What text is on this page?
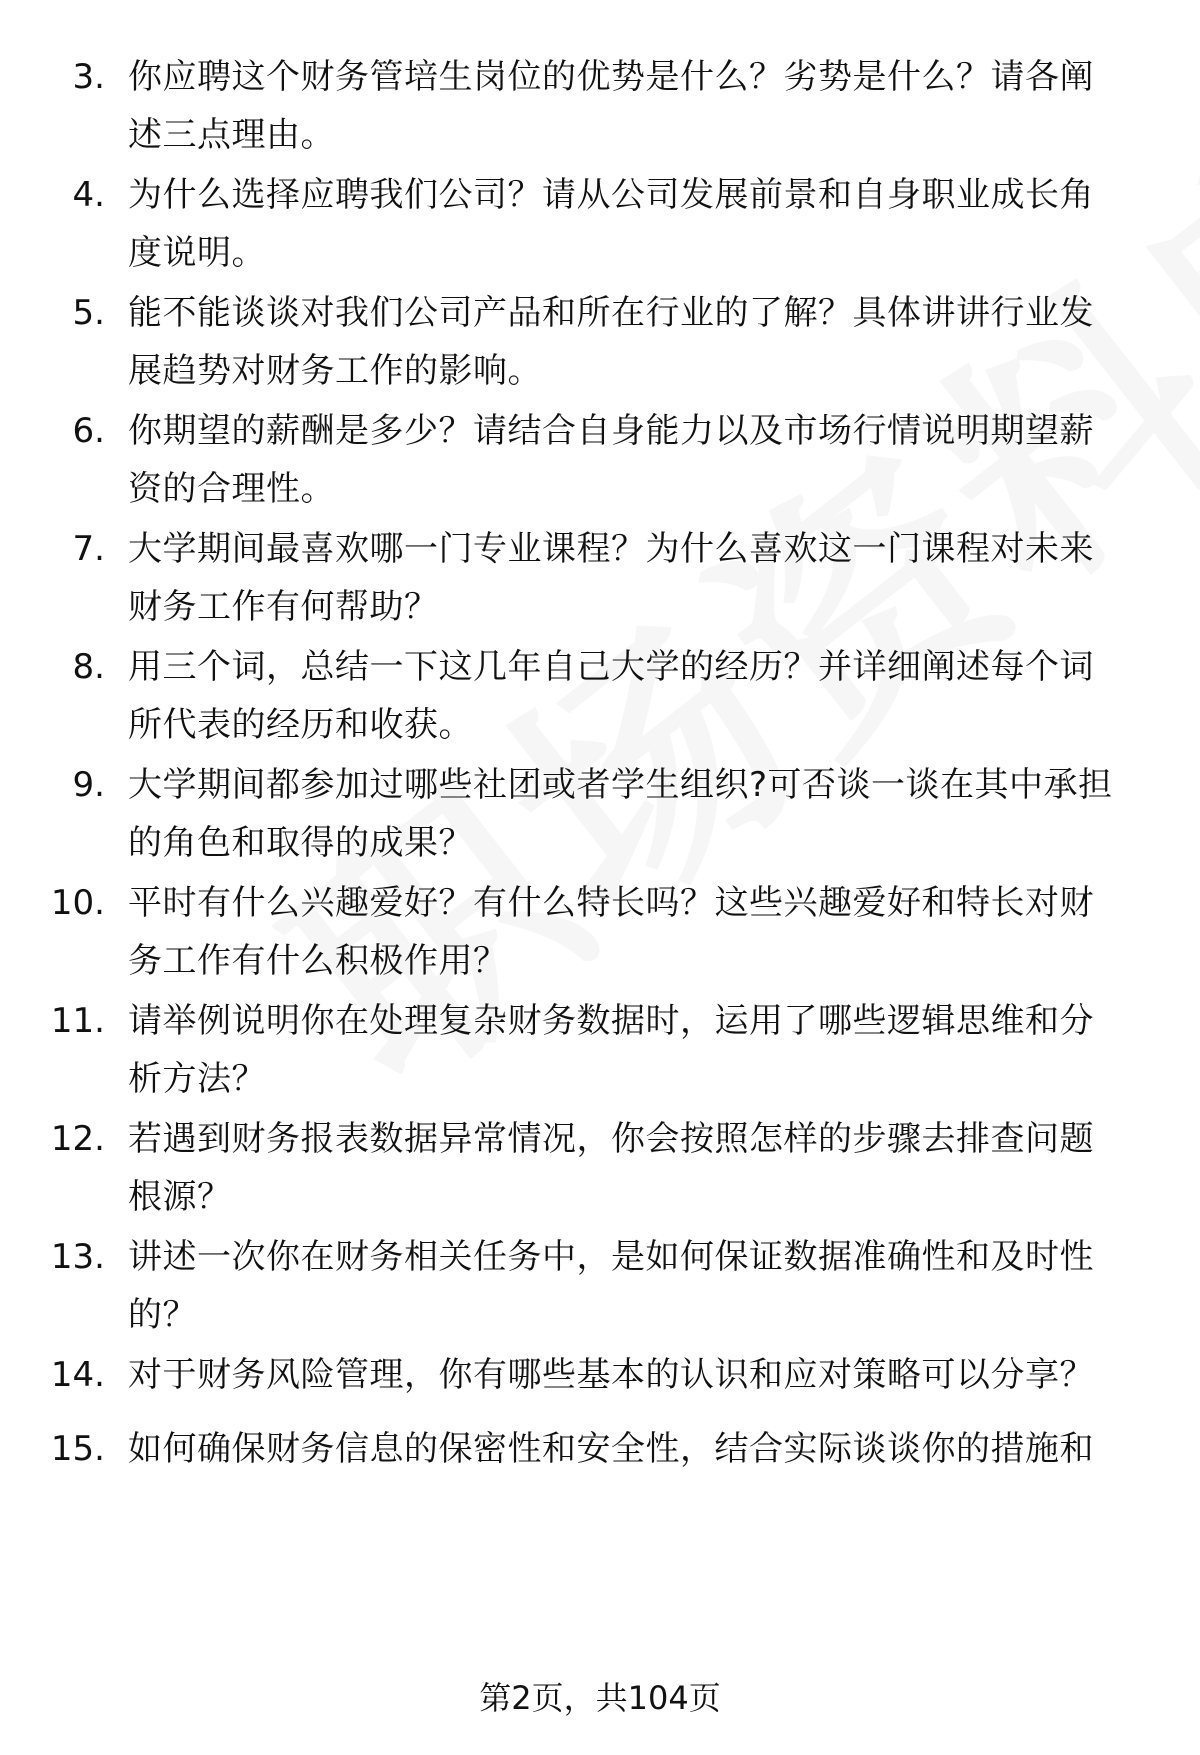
3. 你应聘这个财务管培生岗位的优势是什么？劣势是什么？请各阐
述三点理由。
4. 为什么选择应聘我们公司？请从公司发展前景和自身职业成长角
度说明。
5. 能不能谈谈对我们公司产品和所在行业的了解？具体讲讲行业发
展趋势对财务工作的影响。
6. 你期望的薪酬是多少？请结合自身能力以及市场行情说明期望薪
资的合理性。
7. 大学期间最喜欢哪一门专业课程？为什么喜欢这一门课程对未来
财务工作有何帮助？
8. 用三个词，总结一下这几年自己大学的经历？并详细阐述每个词
所代表的经历和收获。
9. 大学期间都参加过哪些社团或者学生组织?可否谈一谈在其中承担
的角色和取得的成果？
10. 平时有什么兴趣爱好？有什么特长吗？这些兴趣爱好和特长对财
务工作有什么积极作用？
11. 请举例说明你在处理复杂财务数据时，运用了哪些逻辑思维和分
析方法？
12. 若遇到财务报表数据异常情况，你会按照怎样的步骤去排查问题
根源？
13. 讲述一次你在财务相关任务中，是如何保证数据准确性和及时性
的？
14. 对于财务风险管理，你有哪些基本的认识和应对策略可以分享？
15. 如何确保财务信息的保密性和安全性，结合实际谈谈你的措施和
第2页，共104页
